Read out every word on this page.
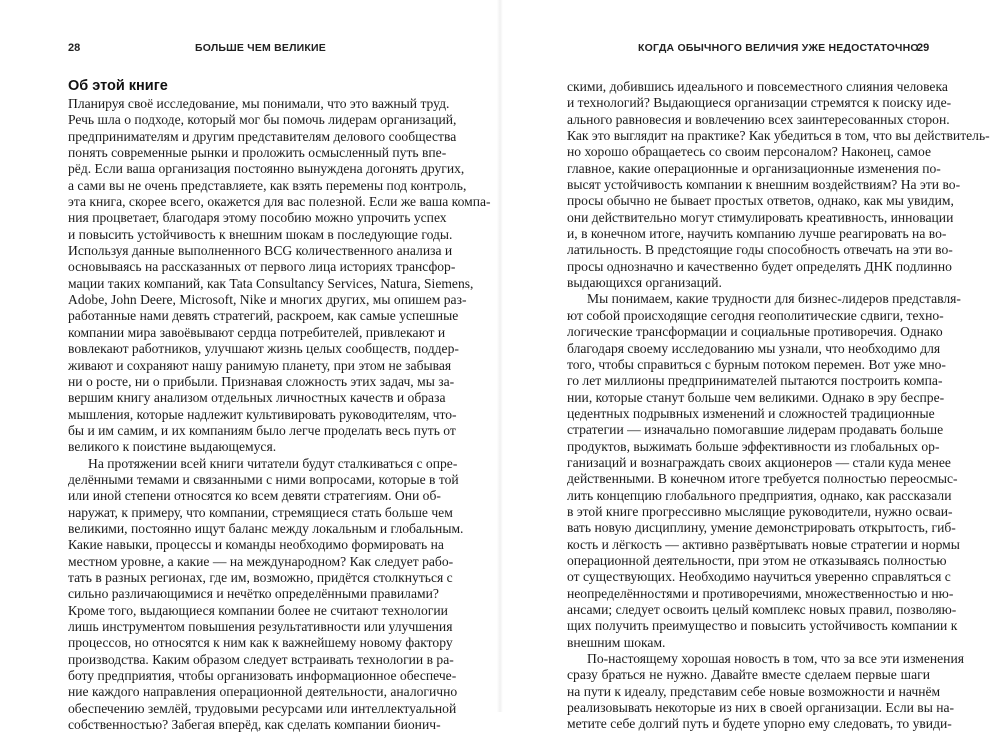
28	БОЛЬШЕ ЧЕМ ВЕЛИКИЕ
Об этой книге
Планируя своё исследование, мы понимали, что это важный труд.
Речь шла о подходе, который мог бы помочь лидерам организаций,
предпринимателям и другим представителям делового сообщества
понять современные рынки и проложить осмысленный путь впе-
рёд. Если ваша организация постоянно вынуждена догонять других,
а сами вы не очень представляете, как взять перемены под контроль,
эта книга, скорее всего, окажется для вас полезной. Если же ваша компа-
ния процветает, благодаря этому пособию можно упрочить успех
и повысить устойчивость к внешним шокам в последующие годы.
Используя данные выполненного BCG количественного анализа и
основываясь на рассказанных от первого лица историях трансфор-
мации таких компаний, как Tata Consultancy Services, Natura, Siemens,
Adobe, John Deere, Microsoft, Nike и многих других, мы опишем раз-
работанные нами девять стратегий, раскроем, как самые успешные
компании мира завоёвывают сердца потребителей, привлекают и
вовлекают работников, улучшают жизнь целых сообществ, поддер-
живают и сохраняют нашу ранимую планету, при этом не забывая
ни о росте, ни о прибыли. Признавая сложность этих задач, мы за-
вершим книгу анализом отдельных личностных качеств и образа
мышления, которые надлежит культивировать руководителям, что-
бы и им самим, и их компаниям было легче проделать весь путь от
великого к поистине выдающемуся.
На протяжении всей книги читатели будут сталкиваться с опре-
делёнными темами и связанными с ними вопросами, которые в той
или иной степени относятся ко всем девяти стратегиям. Они об-
наружат, к примеру, что компании, стремящиеся стать больше чем
великими, постоянно ищут баланс между локальным и глобальным.
Какие навыки, процессы и команды необходимо формировать на
местном уровне, а какие — на международном? Как следует рабо-
тать в разных регионах, где им, возможно, придётся столкнуться с
сильно различающимися и нечётко определёнными правилами?
Кроме того, выдающиеся компании более не считают технологии
лишь инструментом повышения результативности или улучшения
процессов, но относятся к ним как к важнейшему новому фактору
производства. Каким образом следует встраивать технологии в ра-
боту предприятия, чтобы организовать информационное обеспече-
ние каждого направления операционной деятельности, аналогично
обеспечению землёй, трудовыми ресурсами или интеллектуальной
собственностью? Забегая вперёд, как сделать компании бионич-
КОГДА ОБЫЧНОГО ВЕЛИЧИЯ УЖЕ НЕДОСТАТОЧНО
29
скими, добившись идеального и повсеместного слияния человека
и технологий? Выдающиеся организации стремятся к поиску иде-
ального равновесия и вовлечению всех заинтересованных сторон.
Как это выглядит на практике? Как убедиться в том, что вы действитель-
но хорошо обращаетесь со своим персоналом? Наконец, самое
главное, какие операционные и организационные изменения по-
высят устойчивость компании к внешним воздействиям? На эти во-
просы обычно не бывает простых ответов, однако, как мы увидим,
они действительно могут стимулировать креативность, инновации
и, в конечном итоге, научить компанию лучше реагировать на во-
латильность. В предстоящие годы способность отвечать на эти во-
просы однозначно и качественно будет определять ДНК подлинно
выдающихся организаций.
Мы понимаем, какие трудности для бизнес-лидеров представля-
ют собой происходящие сегодня геополитические сдвиги, техно-
логические трансформации и социальные противоречия. Однако
благодаря своему исследованию мы узнали, что необходимо для
того, чтобы справиться с бурным потоком перемен. Вот уже мно-
го лет миллионы предпринимателей пытаются построить компа-
нии, которые станут больше чем великими. Однако в эру беспре-
цедентных подрывных изменений и сложностей традиционные
стратегии — изначально помогавшие лидерам продавать больше
продуктов, выжимать больше эффективности из глобальных ор-
ганизаций и вознаграждать своих акционеров — стали куда менее
действенными. В конечном итоге требуется полностью переосмыс-
лить концепцию глобального предприятия, однако, как рассказали
в этой книге прогрессивно мыслящие руководители, нужно осваи-
вать новую дисциплину, умение демонстрировать открытость, гиб-
кость и лёгкость — активно развёртывать новые стратегии и нормы
операционной деятельности, при этом не отказываясь полностью
от существующих. Необходимо научиться уверенно справляться с
неопределённостями и противоречиями, множественностью и ню-
ансами; следует освоить целый комплекс новых правил, позволяю-
щих получить преимущество и повысить устойчивость компании к
внешним шокам.
По-настоящему хорошая новость в том, что за все эти изменения
сразу браться не нужно. Давайте вместе сделаем первые шаги
на пути к идеалу, представим себе новые возможности и начнём
реализовывать некоторые из них в своей организации. Если вы на-
метите себе долгий путь и будете упорно ему следовать, то увиди-
